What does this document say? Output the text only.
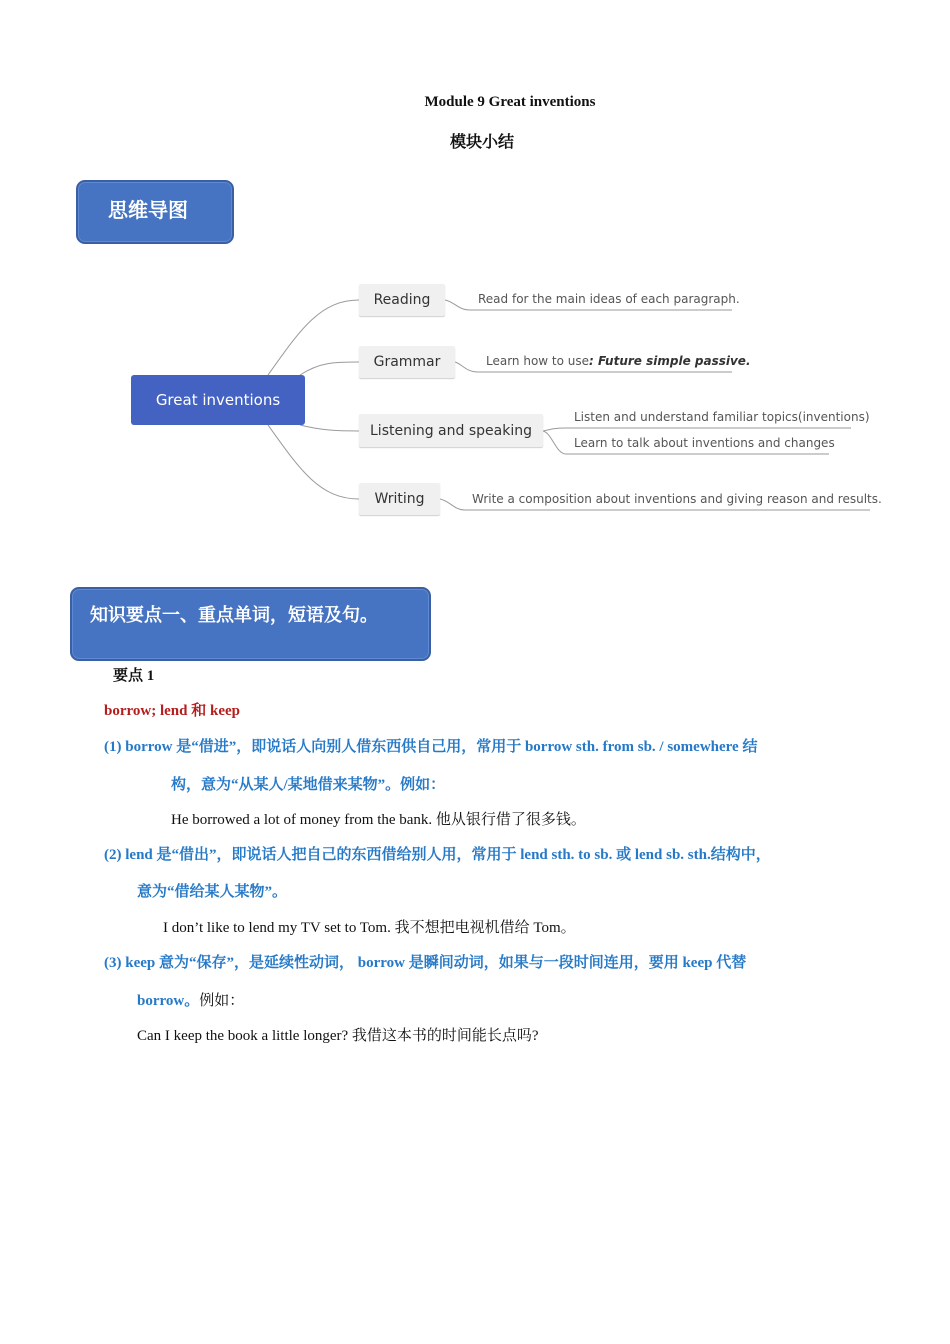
Module 9 Great inventions
模块小结
思维导图
Great inventions
Reading
Grammar
Listening and speaking
Writing
Read for the main ideas of each paragraph.
Learn how to use: Future simple passive.
Listen and understand familiar topics(inventions)
Learn to talk about inventions and changes
Write a composition about inventions and giving reason and results.
知识要点一、重点单词，短语及句。
要点 1
borrow; lend 和 keep
(1) borrow 是“借进”，即说话人向别人借东西供自己用，常用于 borrow sth. from sb. / somewhere 结
构，意为“从某人/某地借来某物”。例如：
He borrowed a lot of money from the bank. 他从银行借了很多钱。
(2) lend 是“借出”，即说话人把自己的东西借给别人用，常用于 lend sth. to sb. 或 lend sb. sth.结构中，
意为“借给某人某物”。
I don’t like to lend my TV set to Tom. 我不想把电视机借给 Tom。
(3) keep 意为“保存”，是延续性动词， borrow 是瞬间动词，如果与一段时间连用，要用 keep 代替
borrow。例如：
Can I keep the book a little longer? 我借这本书的时间能长点吗?
